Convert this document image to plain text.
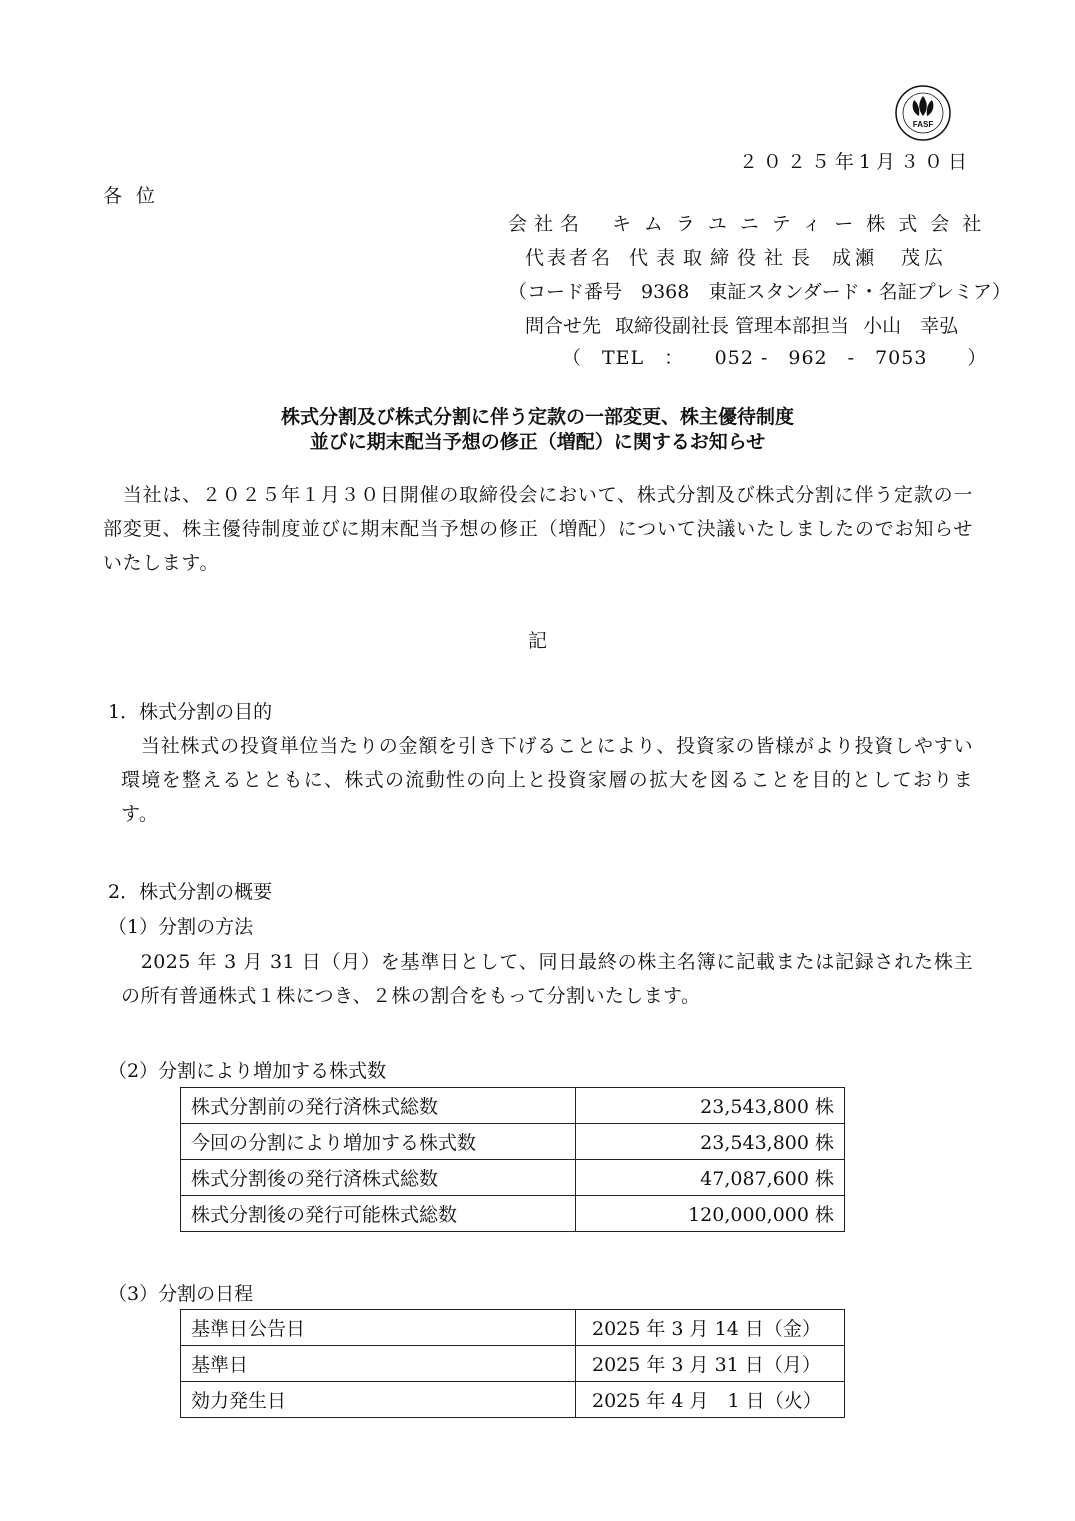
FASF
２０２５年1月３０日
各位
会社名 キムラユニティー株式会社
代表者名 代表取締役社長 成瀬　茂広
（コード番号　9368　東証スタンダード・名証プレミア）
問合せ先 取締役副社長 管理本部担当 小山　幸弘
（　TEL　：　　052 -　962　-　7053　　）
株式分割及び株式分割に伴う定款の一部変更、株主優待制度
並びに期末配当予想の修正（増配）に関するお知らせ
　当社は、２０２５年１月３０日開催の取締役会において、株式分割及び株式分割に伴う定款の一部変更、株主優待制度並びに期末配当予想の修正（増配）について決議いたしましたのでお知らせいたします。
記
1．株式分割の目的
　当社株式の投資単位当たりの金額を引き下げることにより、投資家の皆様がより投資しやすい環境を整えるとともに、株式の流動性の向上と投資家層の拡大を図ることを目的としております。
2．株式分割の概要
（1）分割の方法
　2025 年 3 月 31 日（月）を基準日として、同日最終の株主名簿に記載または記録された株主の所有普通株式１株につき、２株の割合をもって分割いたします。
（2）分割により増加する株式数
株式分割前の発行済株式総数	23,543,800 株
今回の分割により増加する株式数	23,543,800 株
株式分割後の発行済株式総数	47,087,600 株
株式分割後の発行可能株式総数	120,000,000 株
（3）分割の日程
基準日公告日	2025 年 3 月 14 日（金）
基準日	2025 年 3 月 31 日（月）
効力発生日	2025 年 4 月　1 日（火）
